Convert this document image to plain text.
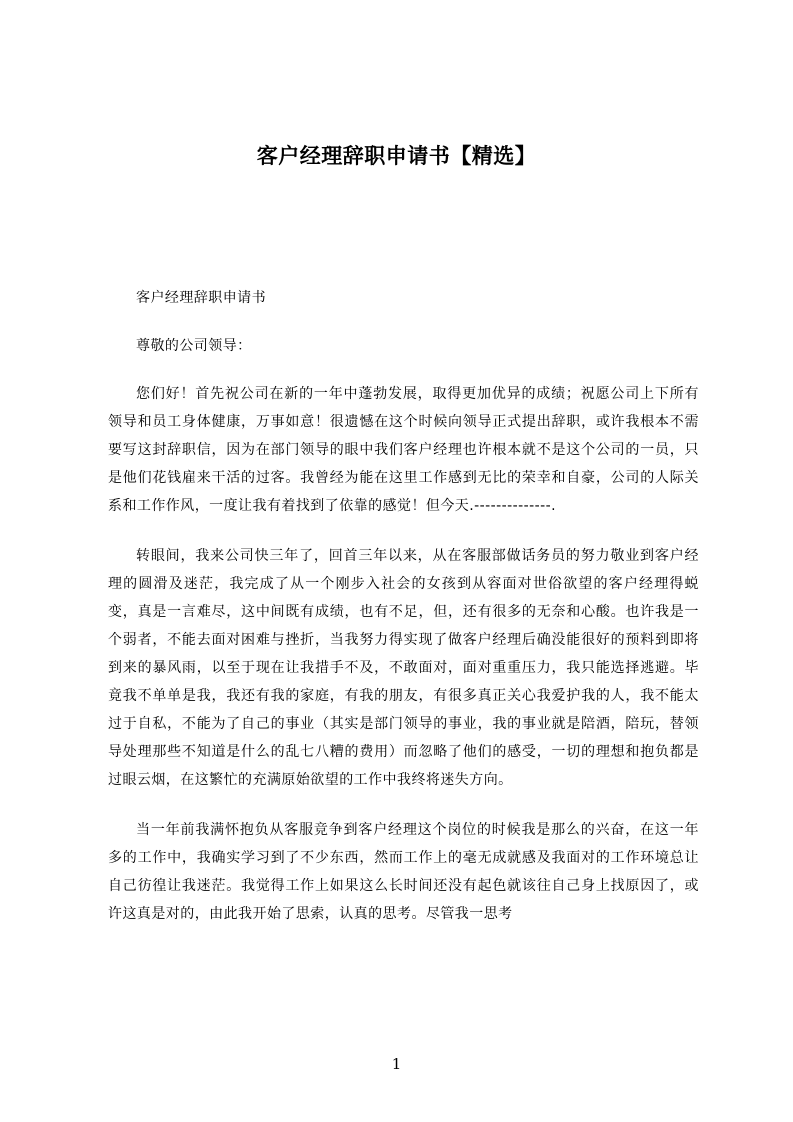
客户经理辞职申请书【精选】

客户经理辞职申请书

尊敬的公司领导：

您们好！首先祝公司在新的一年中蓬勃发展，取得更加优异的成绩；祝愿公司上下所有领导和员工身体健康，万事如意！很遗憾在这个时候向领导正式提出辞职，或许我根本不需要写这封辞职信，因为在部门领导的眼中我们客户经理也许根本就不是这个公司的一员，只是他们花钱雇来干活的过客。我曾经为能在这里工作感到无比的荣幸和自豪，公司的人际关系和工作作风，一度让我有着找到了依靠的感觉！但今天.--------------.

转眼间，我来公司快三年了，回首三年以来，从在客服部做话务员的努力敬业到客户经理的圆滑及迷茫，我完成了从一个刚步入社会的女孩到从容面对世俗欲望的客户经理得蜕变，真是一言难尽，这中间既有成绩，也有不足，但，还有很多的无奈和心酸。也许我是一个弱者，不能去面对困难与挫折，当我努力得实现了做客户经理后确没能很好的预料到即将到来的暴风雨，以至于现在让我措手不及，不敢面对，面对重重压力，我只能选择逃避。毕竟我不单单是我，我还有我的家庭，有我的朋友，有很多真正关心我爱护我的人，我不能太过于自私，不能为了自己的事业（其实是部门领导的事业，我的事业就是陪酒，陪玩，替领导处理那些不知道是什么的乱七八糟的费用）而忽略了他们的感受，一切的理想和抱负都是过眼云烟，在这繁忙的充满原始欲望的工作中我终将迷失方向。

当一年前我满怀抱负从客服竞争到客户经理这个岗位的时候我是那么的兴奋，在这一年多的工作中，我确实学习到了不少东西，然而工作上的毫无成就感及我面对的工作环境总让自己彷徨让我迷茫。我觉得工作上如果这么长时间还没有起色就该往自己身上找原因了，或许这真是对的，由此我开始了思索，认真的思考。尽管我一思考

1
